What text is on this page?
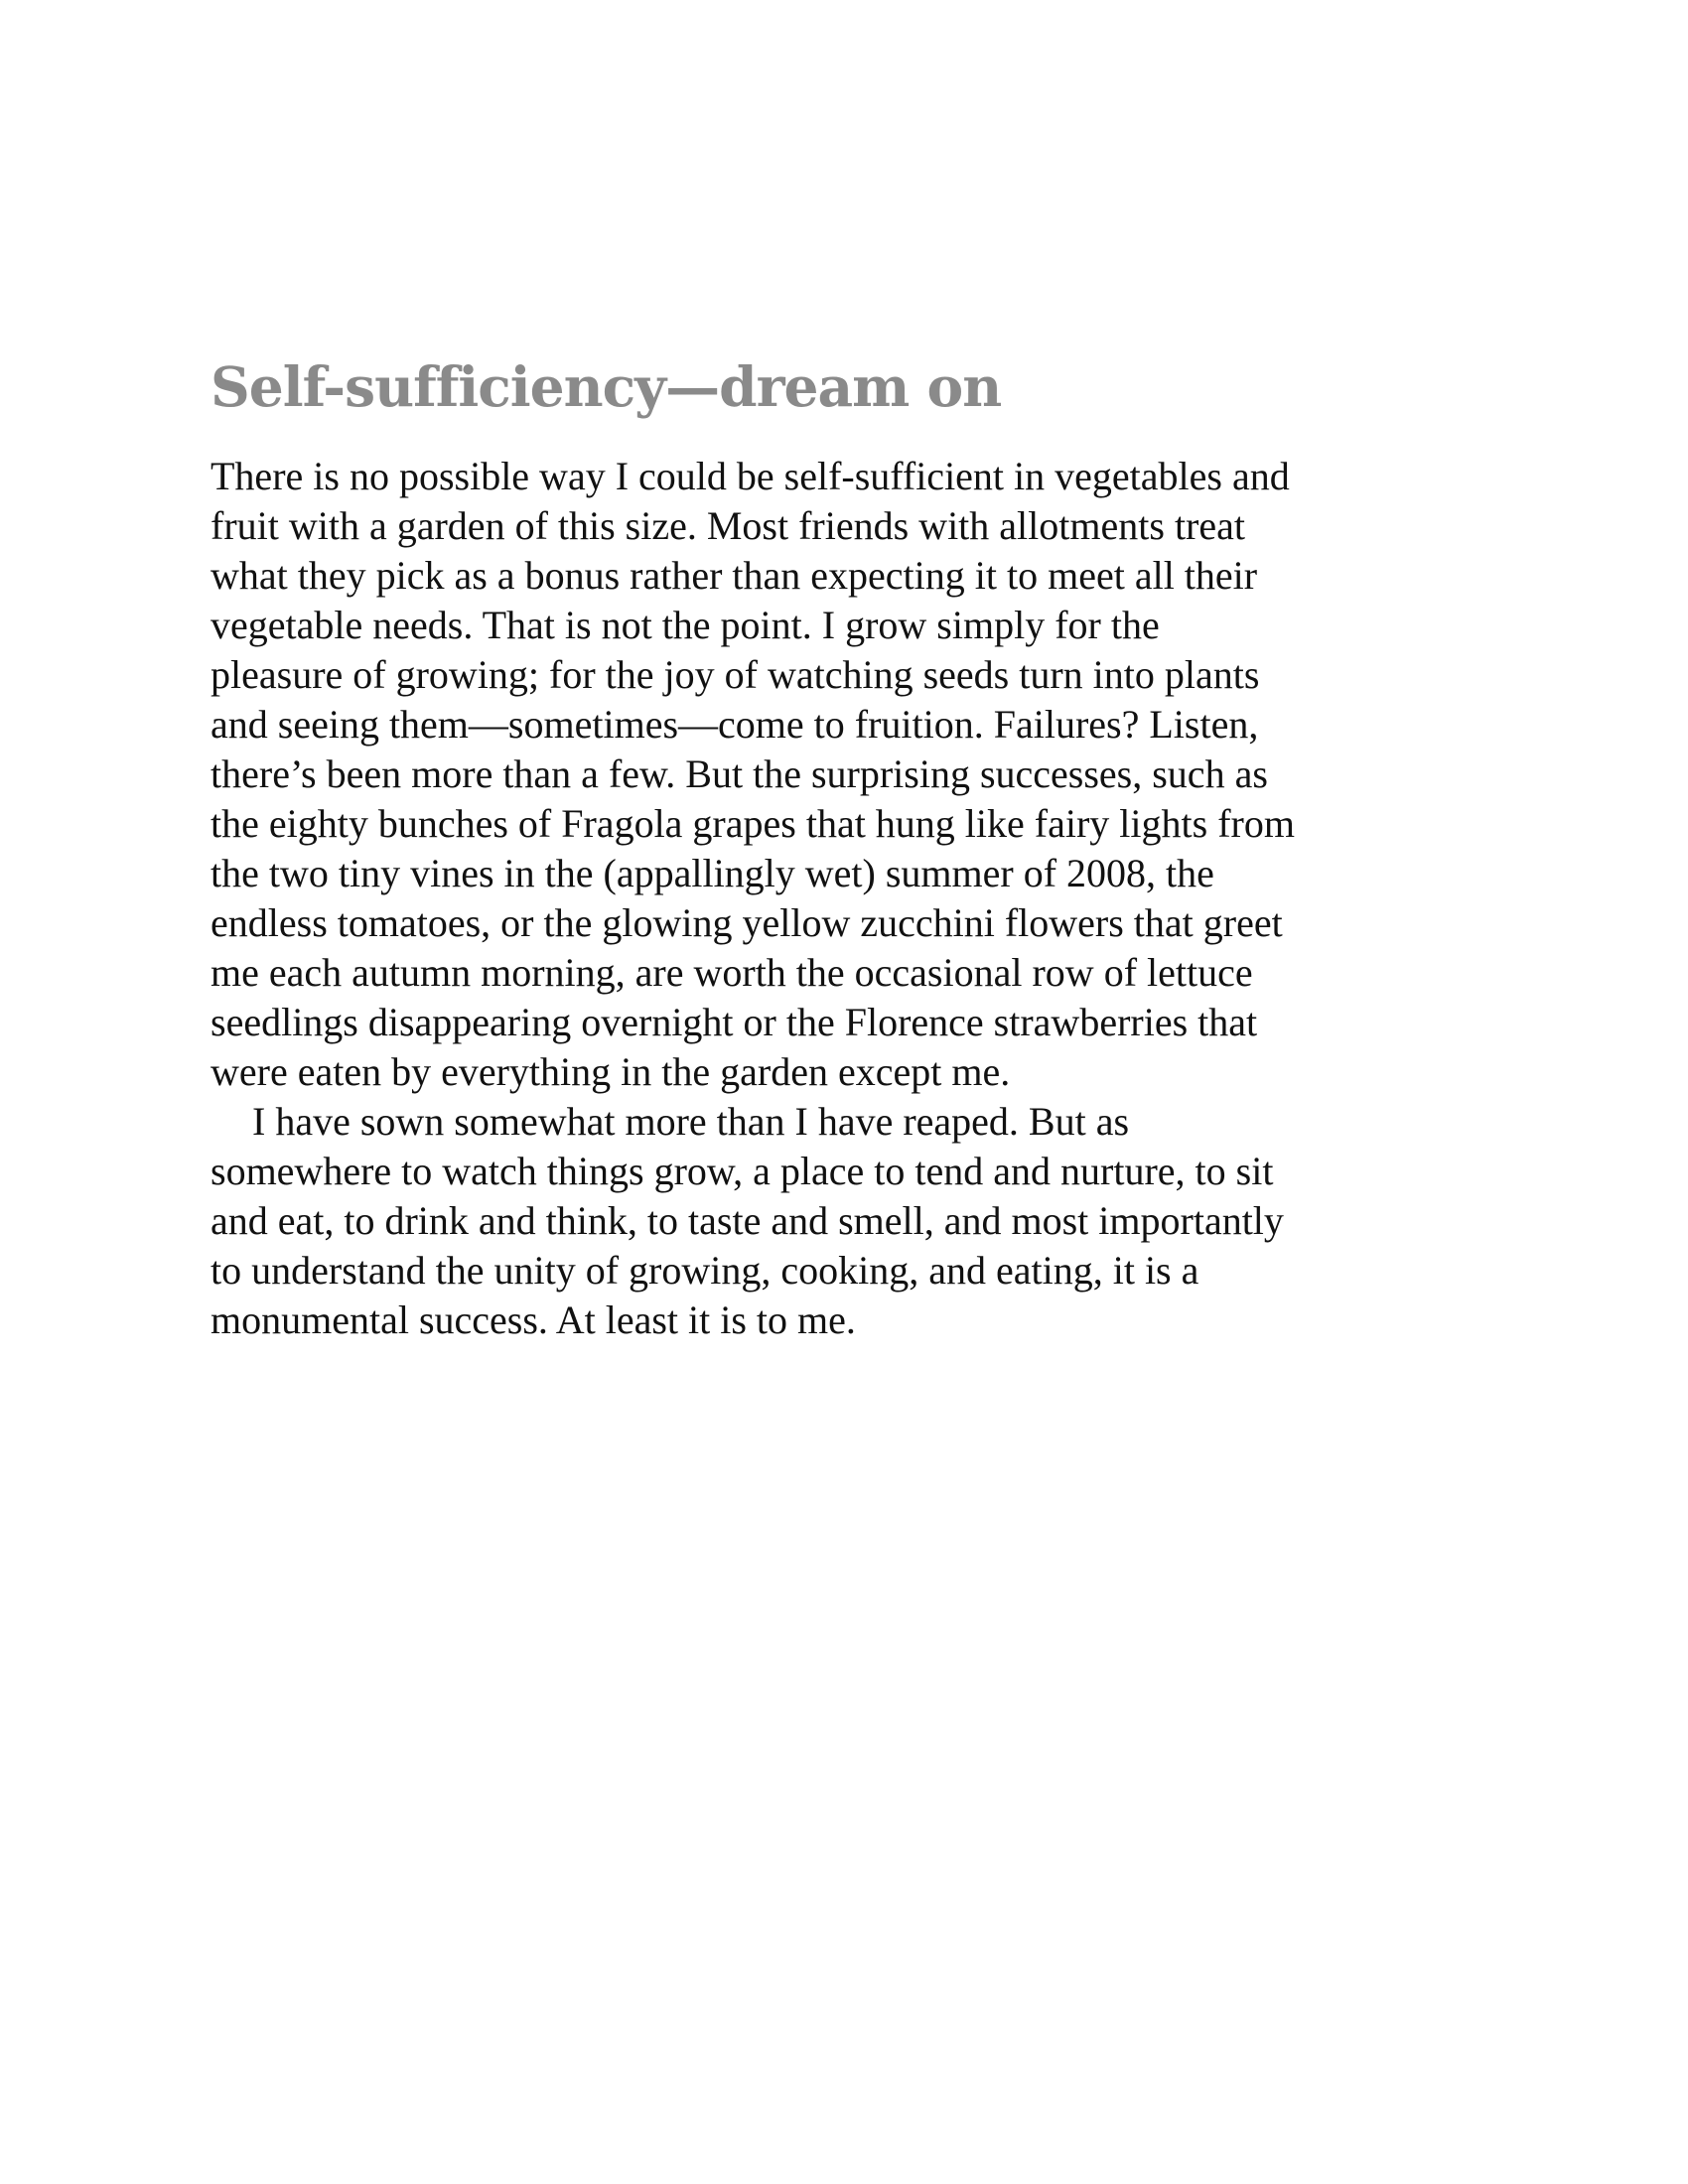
Self-sufficiency—dream on

There is no possible way I could be self-sufficient in vegetables and
fruit with a garden of this size. Most friends with allotments treat
what they pick as a bonus rather than expecting it to meet all their
vegetable needs. That is not the point. I grow simply for the
pleasure of growing; for the joy of watching seeds turn into plants
and seeing them—sometimes—come to fruition. Failures? Listen,
there’s been more than a few. But the surprising successes, such as
the eighty bunches of Fragola grapes that hung like fairy lights from
the two tiny vines in the (appallingly wet) summer of 2008, the
endless tomatoes, or the glowing yellow zucchini flowers that greet
me each autumn morning, are worth the occasional row of lettuce
seedlings disappearing overnight or the Florence strawberries that
were eaten by everything in the garden except me.

I have sown somewhat more than I have reaped. But as
somewhere to watch things grow, a place to tend and nurture, to sit
and eat, to drink and think, to taste and smell, and most importantly
to understand the unity of growing, cooking, and eating, it is a
monumental success. At least it is to me.
